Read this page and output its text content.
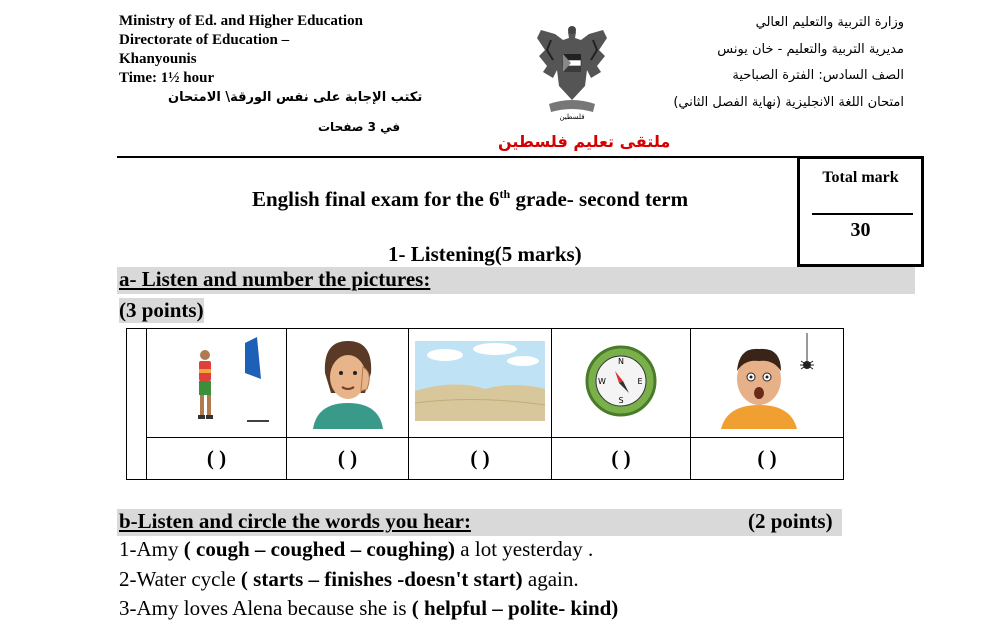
Ministry of Ed. and Higher Education
Directorate of Education –
Khanyounis
Time: 1½ hour
تكتب الإجابة على نفس الورقة\ الامتحان
في 3 صفحات
فلسطين
ملتقى تعليم فلسطين
وزارة التربية والتعليم العالي
مديرية التربية والتعليم - خان يونس
الصف السادس: الفترة الصباحية
امتحان اللغة الانجليزية (نهاية الفصل الثاني)
Total mark
30
English final exam for the 6th grade- second term
1- Listening(5 marks)
a- Listen and number the pictures:
(3 points)

N
E
S
W

	( )	( )	( )	( )	( )
b-Listen and circle the words you hear:	(2 points)
1-Amy ( cough – coughed – coughing) a lot yesterday .
2-Water cycle ( starts – finishes -doesn't start) again.
3-Amy loves Alena because she is ( helpful – polite- kind)
